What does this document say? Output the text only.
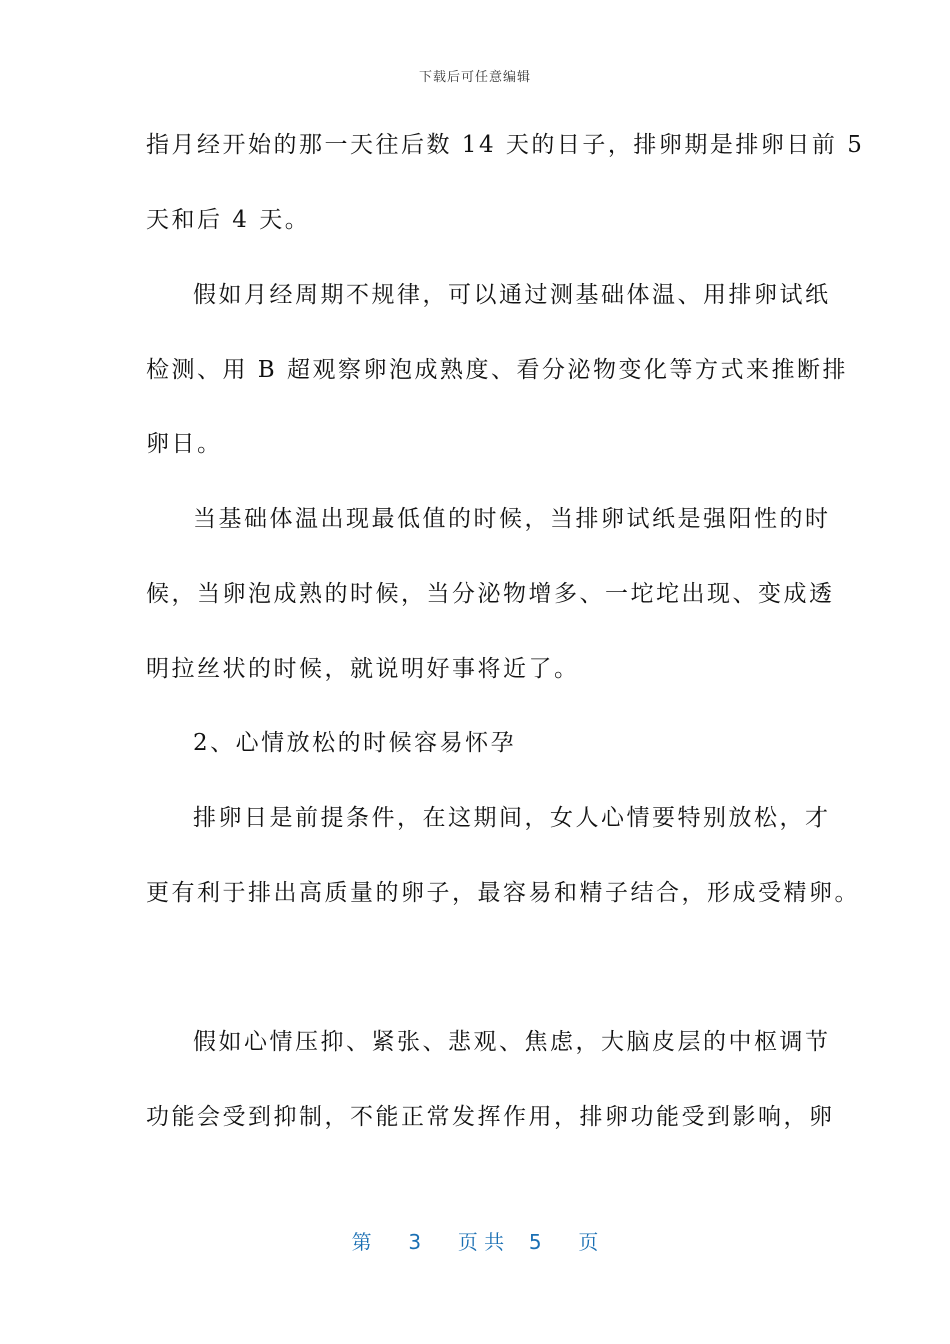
下载后可任意编辑
指月经开始的那一天往后数 14 天的日子，排卵期是排卵日前 5
天和后 4 天。
假如月经周期不规律，可以通过测基础体温、用排卵试纸
检测、用 B 超观察卵泡成熟度、看分泌物变化等方式来推断排
卵日。
当基础体温出现最低值的时候，当排卵试纸是强阳性的时
候，当卵泡成熟的时候，当分泌物增多、一坨坨出现、变成透
明拉丝状的时候，就说明好事将近了。
2、心情放松的时候容易怀孕
排卵日是前提条件，在这期间，女人心情要特别放松，才
更有利于排出高质量的卵子，最容易和精子结合，形成受精卵。
假如心情压抑、紧张、悲观、焦虑，大脑皮层的中枢调节
功能会受到抑制，不能正常发挥作用，排卵功能受到影响，卵
第 3 页 共 5 页
